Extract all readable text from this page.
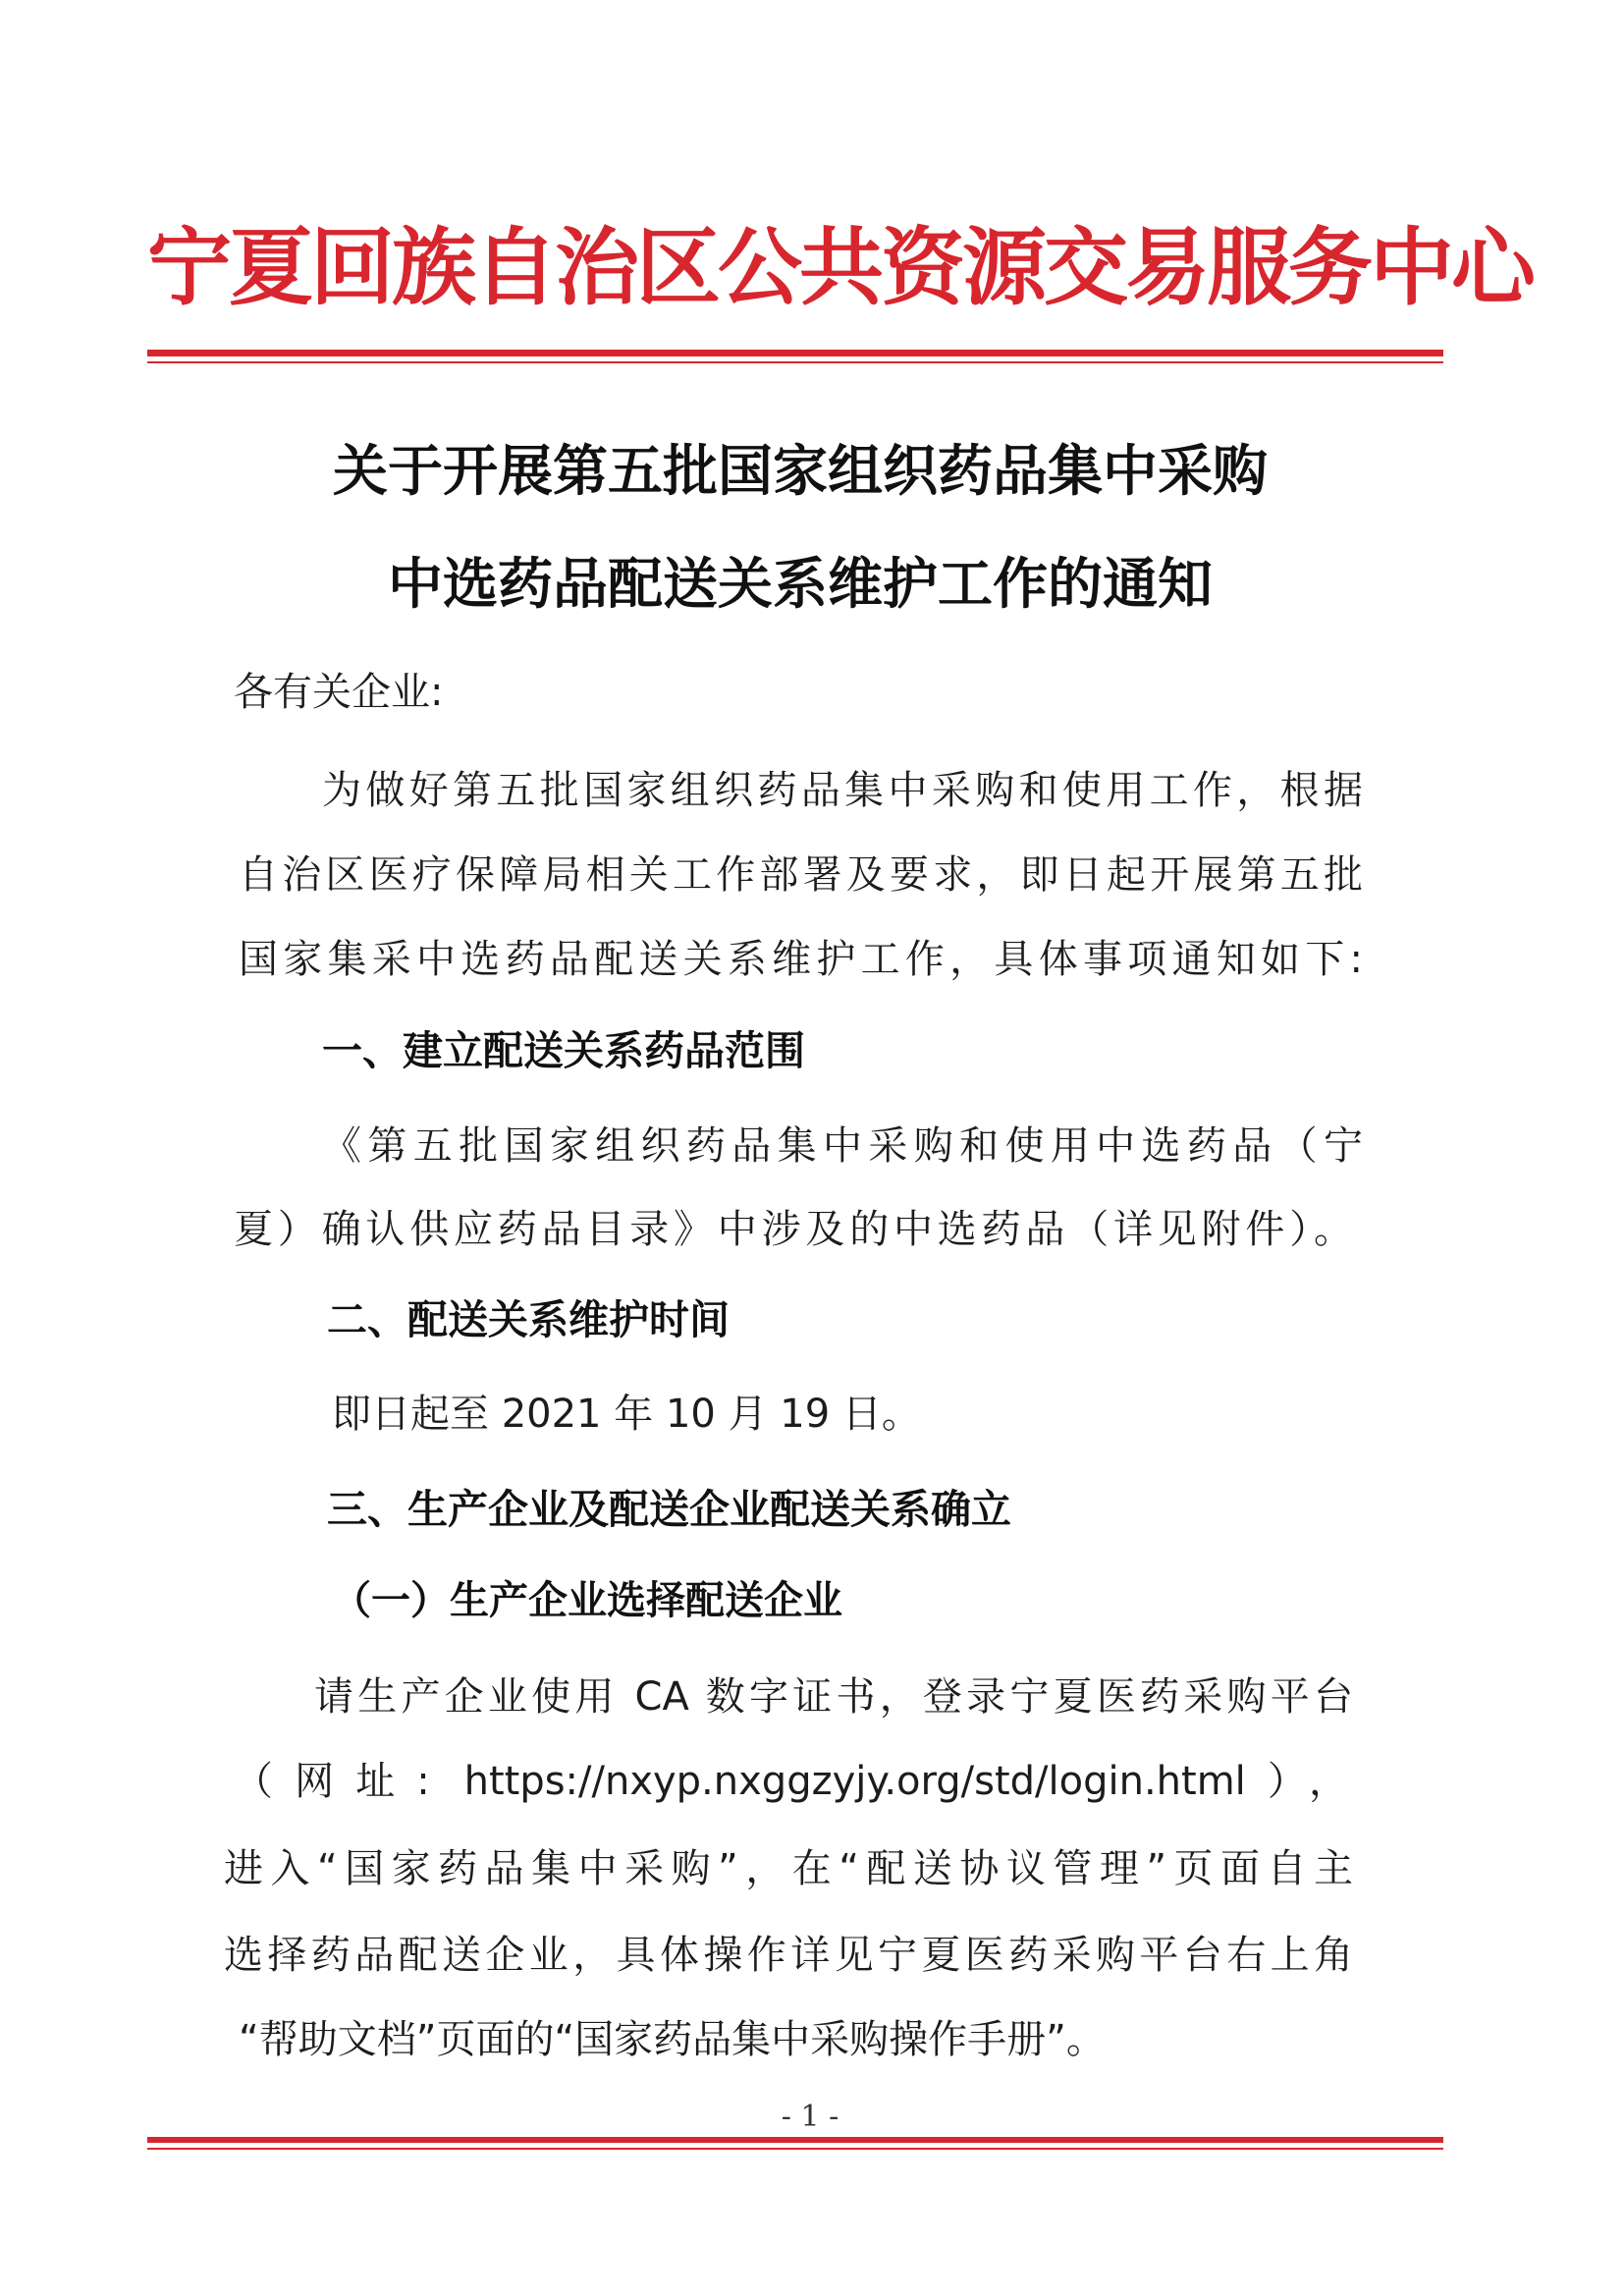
宁夏回族自治区公共资源交易服务中心
关于开展第五批国家组织药品集中采购
中选药品配送关系维护工作的通知
各有关企业:
为做好第五批国家组织药品集中采购和使用工作，根据
自治区医疗保障局相关工作部署及要求，即日起开展第五批
国家集采中选药品配送关系维护工作，具体事项通知如下:
一、建立配送关系药品范围
《第五批国家组织药品集中采购和使用中选药品（宁
夏）确认供应药品目录》中涉及的中选药品（详见附件）。
二、配送关系维护时间
即日起至 2021 年 10 月 19 日。
三、生产企业及配送企业配送关系确立
（一）生产企业选择配送企业
请生产企业使用 CA 数字证书，登录宁夏医药采购平台
（网址: https://nxyp.nxggzyjy.org/std/login.html），
进入“国家药品集中采购”，在“配送协议管理”页面自主
选择药品配送企业，具体操作详见宁夏医药采购平台右上角
“帮助文档”页面的“国家药品集中采购操作手册”。
- 1 -
